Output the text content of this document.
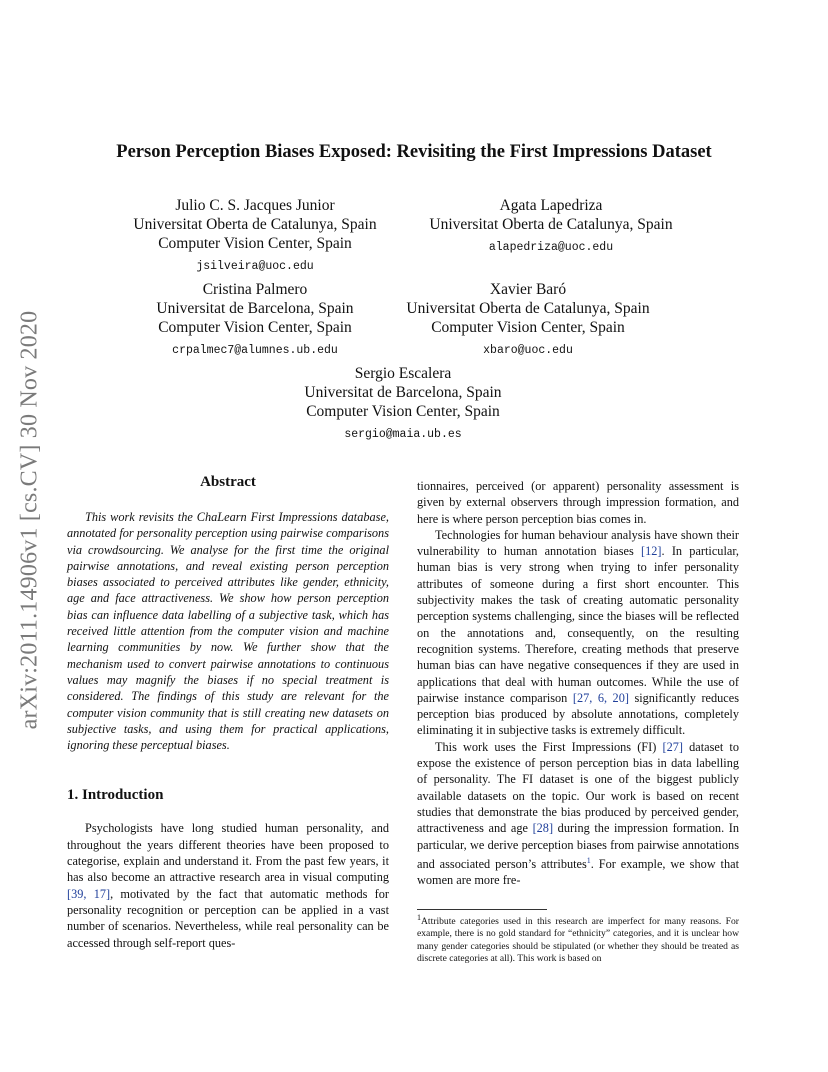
arXiv:2011.14906v1 [cs.CV] 30 Nov 2020
Person Perception Biases Exposed: Revisiting the First Impressions Dataset
Julio C. S. Jacques Junior
Universitat Oberta de Catalunya, Spain
Computer Vision Center, Spain
jsilveira@uoc.edu
Agata Lapedriza
Universitat Oberta de Catalunya, Spain
alapedriza@uoc.edu
Cristina Palmero
Universitat de Barcelona, Spain
Computer Vision Center, Spain
crpalmec7@alumnes.ub.edu
Xavier Baró
Universitat Oberta de Catalunya, Spain
Computer Vision Center, Spain
xbaro@uoc.edu
Sergio Escalera
Universitat de Barcelona, Spain
Computer Vision Center, Spain
sergio@maia.ub.es
Abstract

This work revisits the ChaLearn First Impressions database, annotated for personality perception using pairwise comparisons via crowdsourcing. We analyse for the first time the original pairwise annotations, and reveal existing person perception biases associated to perceived attributes like gender, ethnicity, age and face attractiveness. We show how person perception bias can influence data labelling of a subjective task, which has received little attention from the computer vision and machine learning communities by now. We further show that the mechanism used to convert pairwise annotations to continuous values may magnify the biases if no special treatment is considered. The findings of this study are relevant for the computer vision community that is still creating new datasets on subjective tasks, and using them for practical applications, ignoring these perceptual biases.

1. Introduction

Psychologists have long studied human personality, and throughout the years different theories have been proposed to categorise, explain and understand it. From the past few years, it has also become an attractive research area in visual computing [39, 17], motivated by the fact that automatic methods for personality recognition or perception can be applied in a vast number of scenarios. Nevertheless, while real personality can be accessed through self-report ques-

tionnaires, perceived (or apparent) personality assessment is given by external observers through impression formation, and here is where person perception bias comes in.

Technologies for human behaviour analysis have shown their vulnerability to human annotation biases [12]. In particular, human bias is very strong when trying to infer personality attributes of someone during a first short encounter. This subjectivity makes the task of creating automatic personality perception systems challenging, since the biases will be reflected on the annotations and, consequently, on the resulting recognition systems. Therefore, creating methods that preserve human bias can have negative consequences if they are used in applications that deal with human outcomes. While the use of pairwise instance comparison [27, 6, 20] significantly reduces perception bias produced by absolute annotations, completely eliminating it in subjective tasks is extremely difficult.

This work uses the First Impressions (FI) [27] dataset to expose the existence of person perception bias in data labelling of personality. The FI dataset is one of the biggest publicly available datasets on the topic. Our work is based on recent studies that demonstrate the bias produced by perceived gender, attractiveness and age [28] during the impression formation. In particular, we derive perception biases from pairwise annotations and associated person’s attributes$^1$. For example, we show that women are more fre-

$^1$Attribute categories used in this research are imperfect for many reasons. For example, there is no gold standard for “ethnicity” categories, and it is unclear how many gender categories should be stipulated (or whether they should be treated as discrete categories at all). This work is based on
